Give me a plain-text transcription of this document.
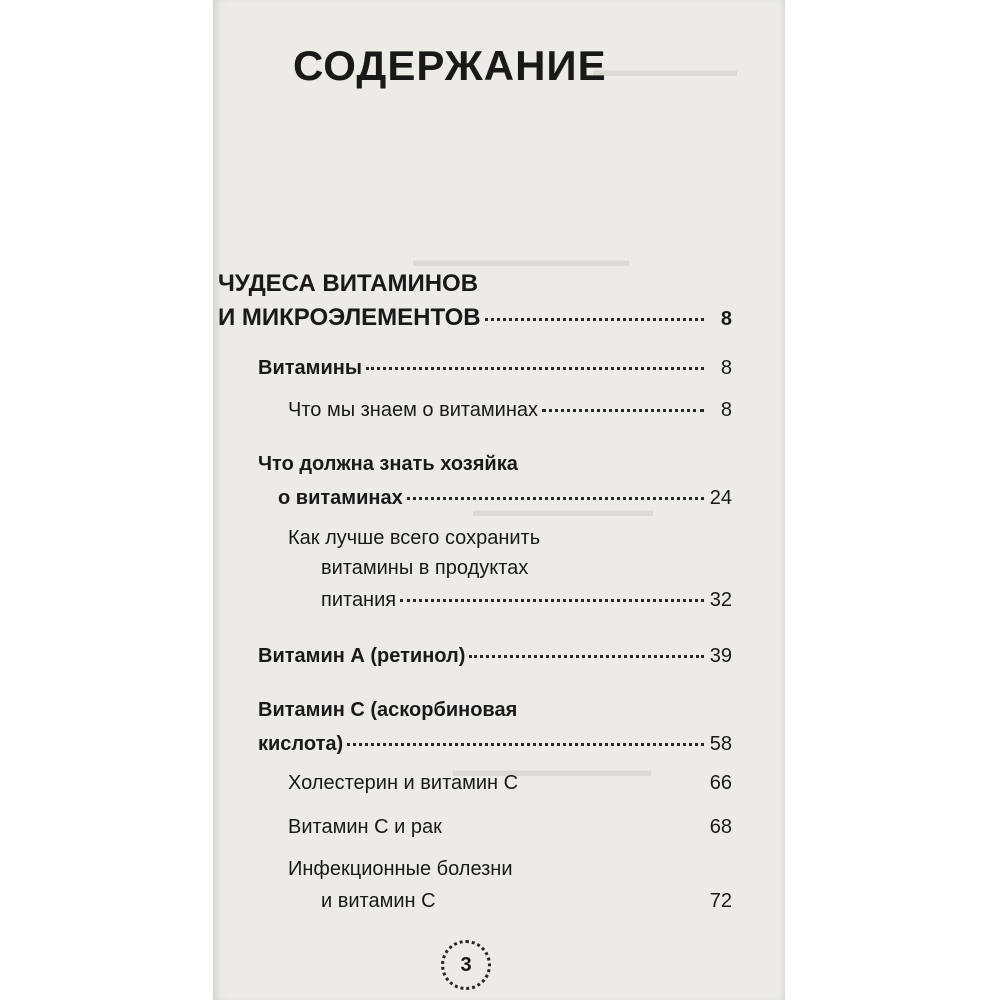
▬▬▬▬▬▬▬▬
▬▬▬▬▬▬▬▬▬▬▬▬
▬▬▬▬▬▬▬▬▬▬
▬▬▬▬▬▬▬▬▬▬▬
СОДЕРЖАНИЕ
ЧУДЕСА ВИТАМИНОВ
И МИКРОЭЛЕМЕНТОВ	8
Витамины	8
Что мы знаем о витаминах	8
Что должна знать хозяйка
о витаминах	24
Как лучше всего сохранить
витамины в продуктах
питания	32
Витамин А (ретинол)	39
Витамин С (аскорбиновая
кислота)	58
Холестерин и витамин С	66
Витамин С и рак	68
Инфекционные болезни
и витамин С	72
3
